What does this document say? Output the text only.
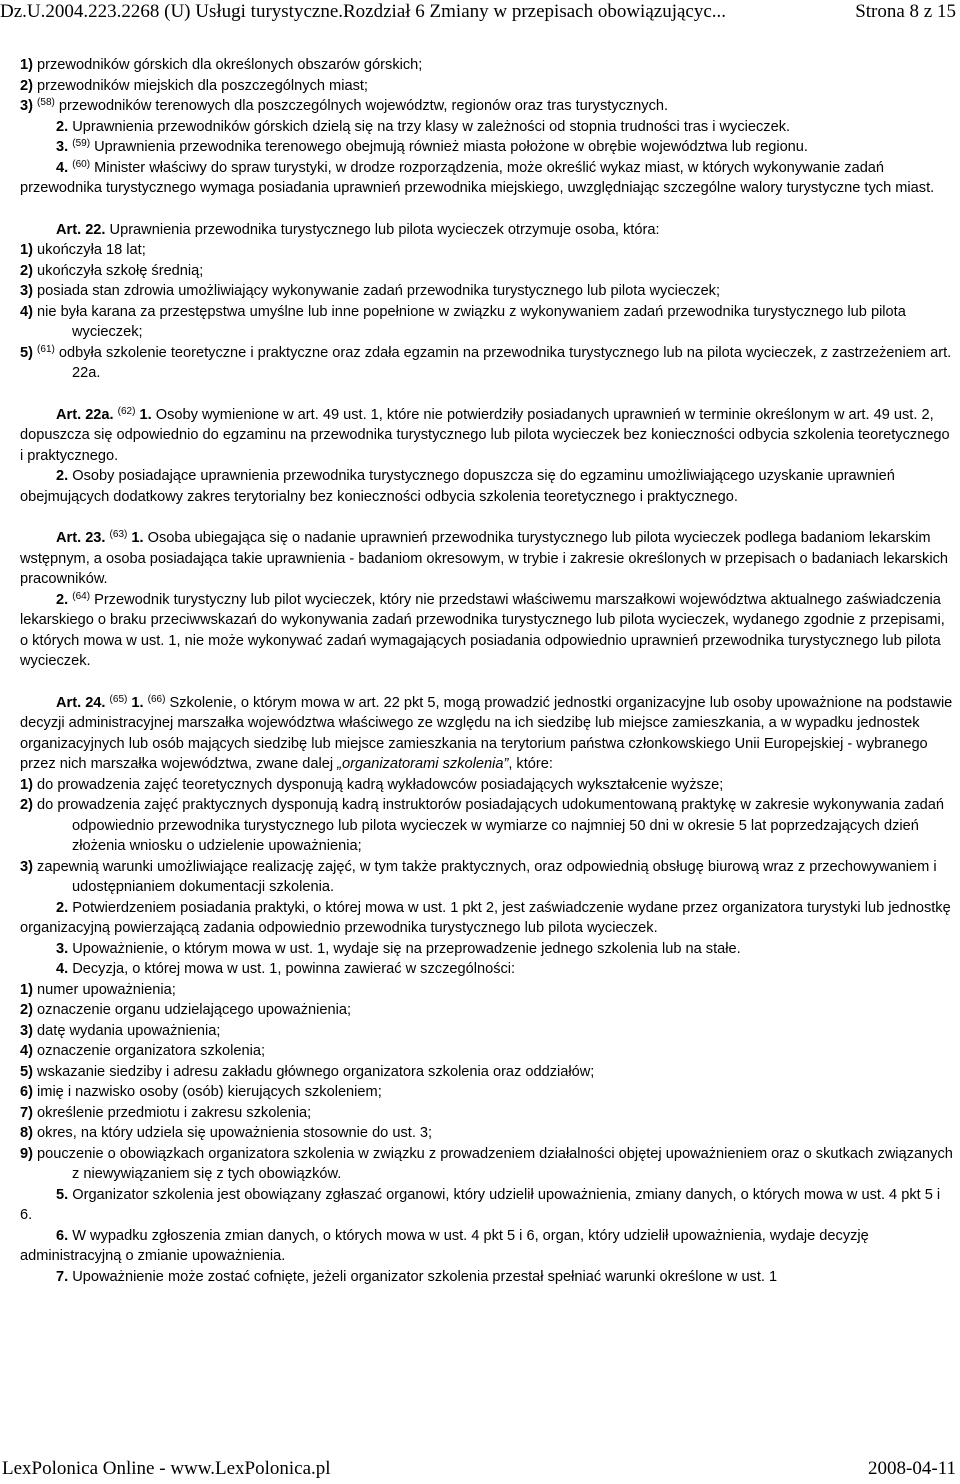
Dz.U.2004.223.2268 (U) Usługi turystyczne.Rozdział 6 Zmiany w przepisach obowiązującyc...	Strona 8 z 15

1) przewodników górskich dla określonych obszarów górskich;

2) przewodników miejskich dla poszczególnych miast;

3) $^{(58)}$ przewodników terenowych dla poszczególnych województw, regionów oraz tras turystycznych.

2. Uprawnienia przewodników górskich dzielą się na trzy klasy w zależności od stopnia trudności tras i wycieczek.

3. $^{(59)}$ Uprawnienia przewodnika terenowego obejmują również miasta położone w obrębie województwa lub regionu.

4. $^{(60)}$ Minister właściwy do spraw turystyki, w drodze rozporządzenia, może określić wykaz miast, w których wykonywanie zadań przewodnika turystycznego wymaga posiadania uprawnień przewodnika miejskiego, uwzględniając szczególne walory turystyczne tych miast.

Art. 22. Uprawnienia przewodnika turystycznego lub pilota wycieczek otrzymuje osoba, która:

1) ukończyła 18 lat;

2) ukończyła szkołę średnią;

3) posiada stan zdrowia umożliwiający wykonywanie zadań przewodnika turystycznego lub pilota wycieczek;

4) nie była karana za przestępstwa umyślne lub inne popełnione w związku z wykonywaniem zadań przewodnika turystycznego lub pilota wycieczek;

5) $^{(61)}$ odbyła szkolenie teoretyczne i praktyczne oraz zdała egzamin na przewodnika turystycznego lub na pilota wycieczek, z zastrzeżeniem art. 22a.

Art. 22a. $^{(62)}$ 1. Osoby wymienione w art. 49 ust. 1, które nie potwierdziły posiadanych uprawnień w terminie określonym w art. 49 ust. 2, dopuszcza się odpowiednio do egzaminu na przewodnika turystycznego lub pilota wycieczek bez konieczności odbycia szkolenia teoretycznego i praktycznego.

2. Osoby posiadające uprawnienia przewodnika turystycznego dopuszcza się do egzaminu umożliwiającego uzyskanie uprawnień obejmujących dodatkowy zakres terytorialny bez konieczności odbycia szkolenia teoretycznego i praktycznego.

Art. 23. $^{(63)}$ 1. Osoba ubiegająca się o nadanie uprawnień przewodnika turystycznego lub pilota wycieczek podlega badaniom lekarskim wstępnym, a osoba posiadająca takie uprawnienia - badaniom okresowym, w trybie i zakresie określonych w przepisach o badaniach lekarskich pracowników.

2. $^{(64)}$ Przewodnik turystyczny lub pilot wycieczek, który nie przedstawi właściwemu marszałkowi województwa aktualnego zaświadczenia lekarskiego o braku przeciwwskazań do wykonywania zadań przewodnika turystycznego lub pilota wycieczek, wydanego zgodnie z przepisami, o których mowa w ust. 1, nie może wykonywać zadań wymagających posiadania odpowiednio uprawnień przewodnika turystycznego lub pilota wycieczek.

Art. 24. $^{(65)}$ 1. $^{(66)}$ Szkolenie, o którym mowa w art. 22 pkt 5, mogą prowadzić jednostki organizacyjne lub osoby upoważnione na podstawie decyzji administracyjnej marszałka województwa właściwego ze względu na ich siedzibę lub miejsce zamieszkania, a w wypadku jednostek organizacyjnych lub osób mających siedzibę lub miejsce zamieszkania na terytorium państwa członkowskiego Unii Europejskiej - wybranego przez nich marszałka województwa, zwane dalej „organizatorami szkolenia”, które:

1) do prowadzenia zajęć teoretycznych dysponują kadrą wykładowców posiadających wykształcenie wyższe;

2) do prowadzenia zajęć praktycznych dysponują kadrą instruktorów posiadających udokumentowaną praktykę w zakresie wykonywania zadań odpowiednio przewodnika turystycznego lub pilota wycieczek w wymiarze co najmniej 50 dni w okresie 5 lat poprzedzających dzień złożenia wniosku o udzielenie upoważnienia;

3) zapewnią warunki umożliwiające realizację zajęć, w tym także praktycznych, oraz odpowiednią obsługę biurową wraz z przechowywaniem i udostępnianiem dokumentacji szkolenia.

2. Potwierdzeniem posiadania praktyki, o której mowa w ust. 1 pkt 2, jest zaświadczenie wydane przez organizatora turystyki lub jednostkę organizacyjną powierzającą zadania odpowiednio przewodnika turystycznego lub pilota wycieczek.

3. Upoważnienie, o którym mowa w ust. 1, wydaje się na przeprowadzenie jednego szkolenia lub na stałe.

4. Decyzja, o której mowa w ust. 1, powinna zawierać w szczególności:

1) numer upoważnienia;

2) oznaczenie organu udzielającego upoważnienia;

3) datę wydania upoważnienia;

4) oznaczenie organizatora szkolenia;

5) wskazanie siedziby i adresu zakładu głównego organizatora szkolenia oraz oddziałów;

6) imię i nazwisko osoby (osób) kierujących szkoleniem;

7) określenie przedmiotu i zakresu szkolenia;

8) okres, na który udziela się upoważnienia stosownie do ust. 3;

9) pouczenie o obowiązkach organizatora szkolenia w związku z prowadzeniem działalności objętej upoważnieniem oraz o skutkach związanych z niewywiązaniem się z tych obowiązków.

5. Organizator szkolenia jest obowiązany zgłaszać organowi, który udzielił upoważnienia, zmiany danych, o których mowa w ust. 4 pkt 5 i 6.

6. W wypadku zgłoszenia zmian danych, o których mowa w ust. 4 pkt 5 i 6, organ, który udzielił upoważnienia, wydaje decyzję administracyjną o zmianie upoważnienia.

7. Upoważnienie może zostać cofnięte, jeżeli organizator szkolenia przestał spełniać warunki określone w ust. 1

LexPolonica Online - www.LexPolonica.pl	2008-04-11
